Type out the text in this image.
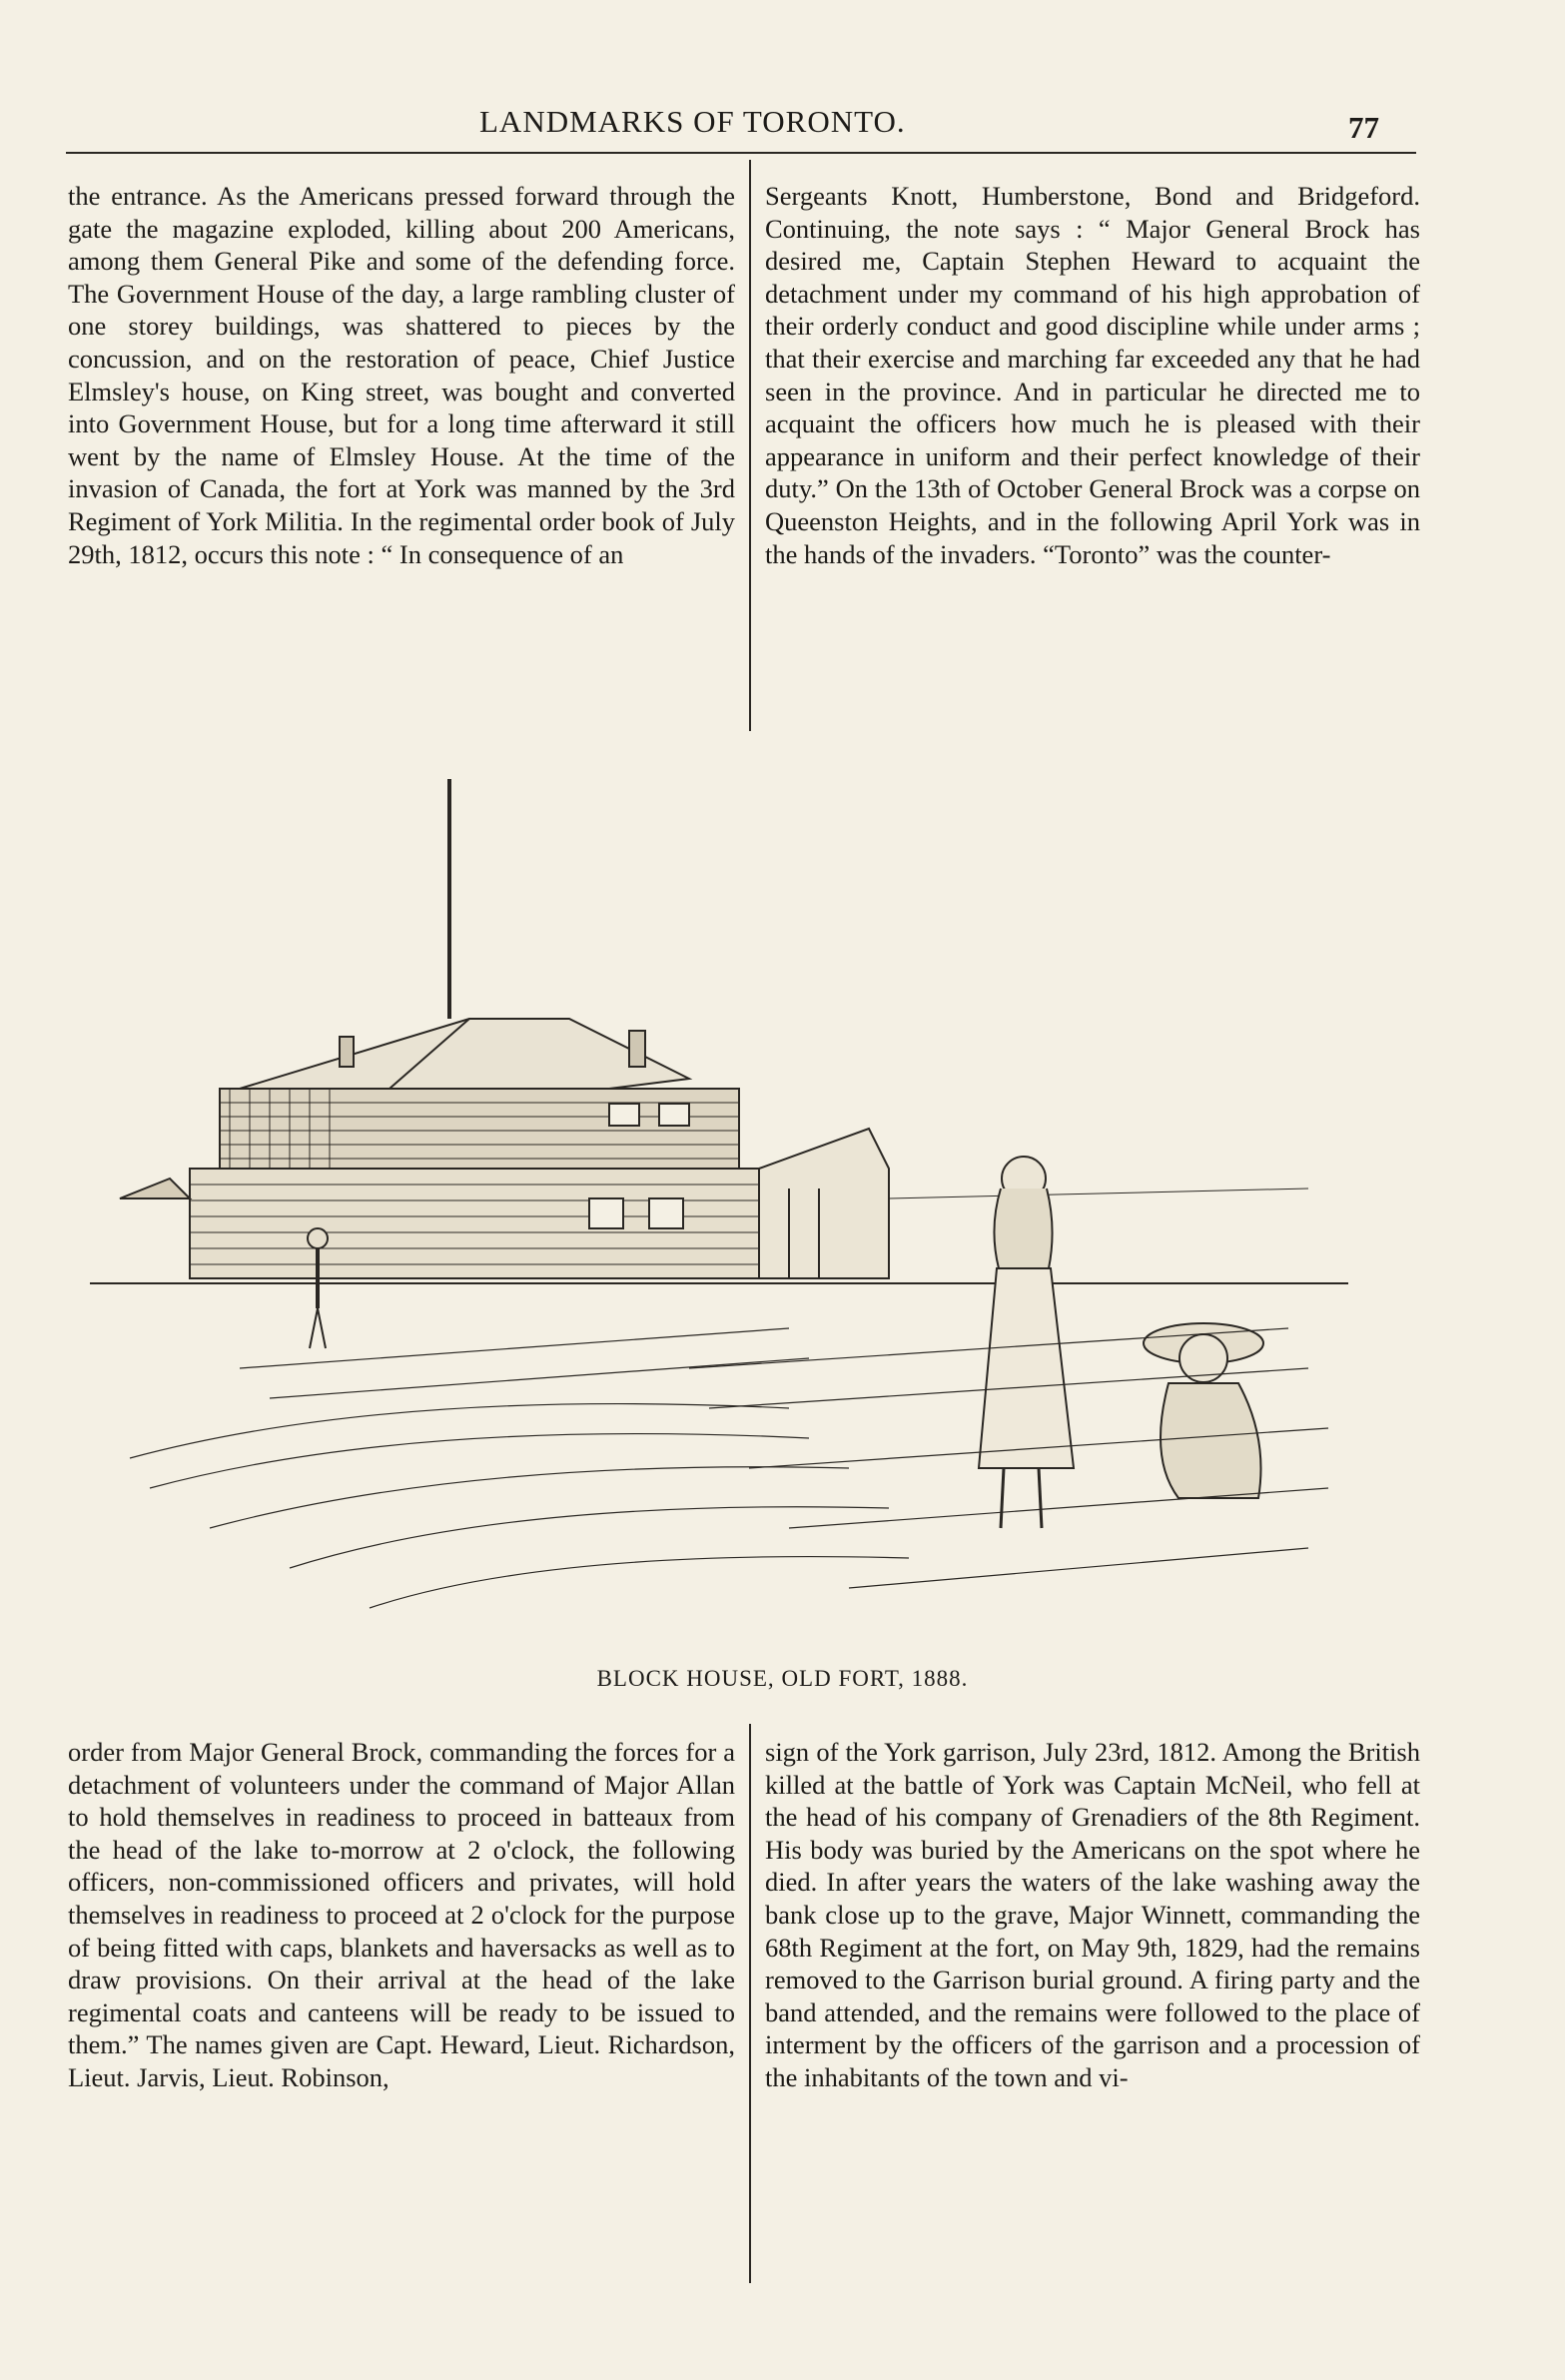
LANDMARKS OF TORONTO.	77

the entrance. As the Americans pressed forward through the gate the magazine exploded, killing about 200 Americans, among them General Pike and some of the defending force. The Government House of the day, a large rambling cluster of one storey buildings, was shattered to pieces by the concussion, and on the restoration of peace, Chief Justice Elmsley's house, on King street, was bought and converted into Government House, but for a long time afterward it still went by the name of Elmsley House. At the time of the invasion of Canada, the fort at York was manned by the 3rd Regiment of York Militia. In the regimental order book of July 29th, 1812, occurs this note : “ In consequence of an

Sergeants Knott, Humberstone, Bond and Bridgeford. Continuing, the note says : “ Major General Brock has desired me, Captain Stephen Heward to acquaint the detachment under my command of his high approbation of their orderly conduct and good discipline while under arms ; that their exercise and marching far exceeded any that he had seen in the province. And in particular he directed me to acquaint the officers how much he is pleased with their appearance in uniform and their perfect knowledge of their duty.” On the 13th of October General Brock was a corpse on Queenston Heights, and in the following April York was in the hands of the invaders. “Toronto” was the counter-

BLOCK HOUSE, OLD FORT, 1888.

order from Major General Brock, commanding the forces for a detachment of volunteers under the command of Major Allan to hold themselves in readiness to proceed in batteaux from the head of the lake to-morrow at 2 o'clock, the following officers, non-commissioned officers and privates, will hold themselves in readiness to proceed at 2 o'clock for the purpose of being fitted with caps, blankets and haversacks as well as to draw provisions. On their arrival at the head of the lake regimental coats and canteens will be ready to be issued to them.” The names given are Capt. Heward, Lieut. Richardson, Lieut. Jarvis, Lieut. Robinson,

sign of the York garrison, July 23rd, 1812. Among the British killed at the battle of York was Captain McNeil, who fell at the head of his company of Grenadiers of the 8th Regiment. His body was buried by the Americans on the spot where he died. In after years the waters of the lake washing away the bank close up to the grave, Major Winnett, commanding the 68th Regiment at the fort, on May 9th, 1829, had the remains removed to the Garrison burial ground. A firing party and the band attended, and the remains were followed to the place of interment by the officers of the garrison and a procession of the inhabitants of the town and vi-
